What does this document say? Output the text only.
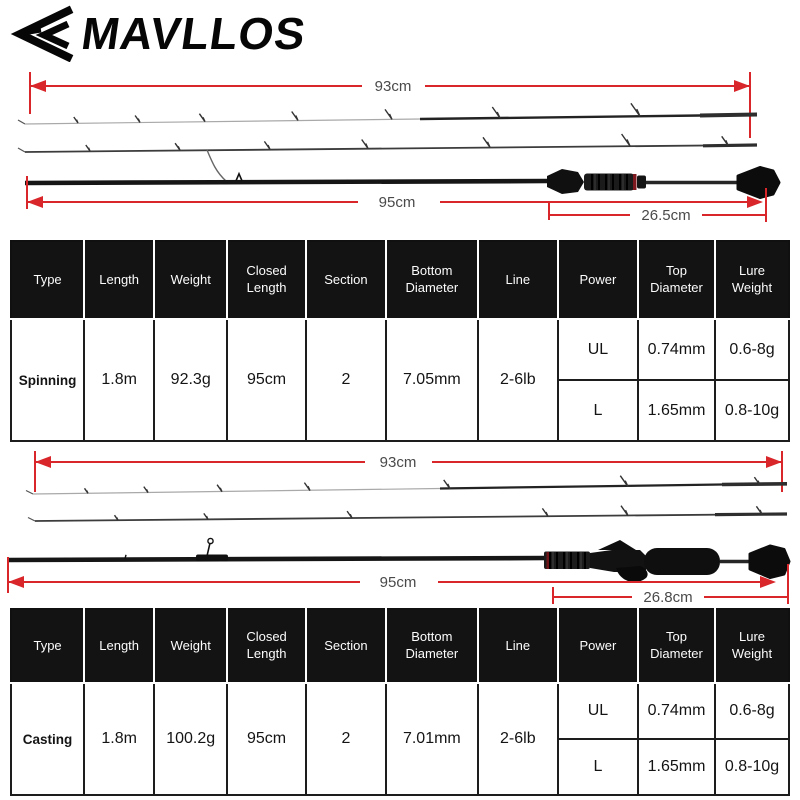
MAVLLOS
93cm
95cm
26.5cm
Type	Length	Weight	Closed Length	Section	Bottom Diameter	Line	Power	Top Diameter	Lure Weight
Spinning	1.8m	92.3g	95cm	2	7.05mm	2-6lb	UL	0.74mm	0.6-8g
							L	1.65mm	0.8-10g
93cm
95cm
26.8cm
Type	Length	Weight	Closed Length	Section	Bottom Diameter	Line	Power	Top Diameter	Lure Weight
Casting	1.8m	100.2g	95cm	2	7.01mm	2-6lb	UL	0.74mm	0.6-8g
							L	1.65mm	0.8-10g
